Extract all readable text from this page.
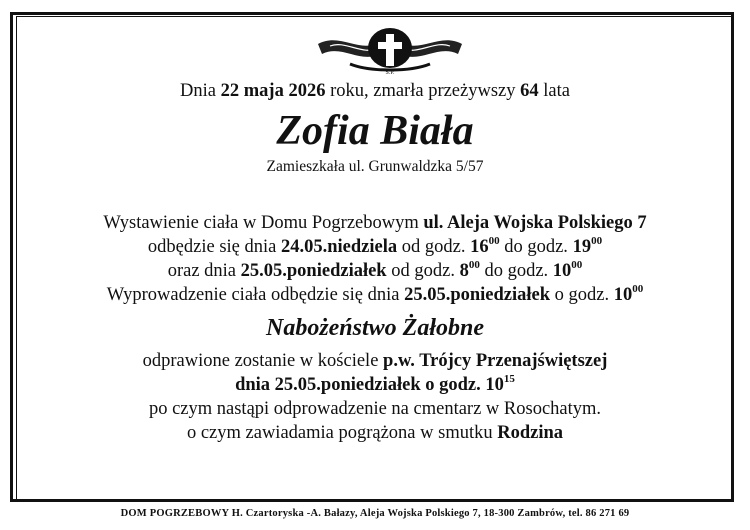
Ś.P.
Dnia 22 maja 2026 roku, zmarła przeżywszy 64 lata
Zofia Biała
Zamieszkała ul. Grunwaldzka 5/57
Wystawienie ciała w Domu Pogrzebowym ul. Aleja Wojska Polskiego 7
odbędzie się dnia 24.05.niedziela od godz. $16^{00}$ do godz. $19^{00}$
oraz dnia 25.05.poniedziałek od godz. $8^{00}$ do godz. $10^{00}$
Wyprowadzenie ciała odbędzie się dnia 25.05.poniedziałek o godz. $10^{00}$
Nabożeństwo Żałobne
odprawione zostanie w kościele p.w. Trójcy Przenajświętszej
dnia 25.05.poniedziałek o godz. $10^{15}$
po czym nastąpi odprowadzenie na cmentarz w Rosochatym.
o czym zawiadamia pogrążona w smutku Rodzina
DOM POGRZEBOWY H. Czartoryska -A. Bałazy, Aleja Wojska Polskiego 7, 18-300 Zambrów, tel. 86 271 69
